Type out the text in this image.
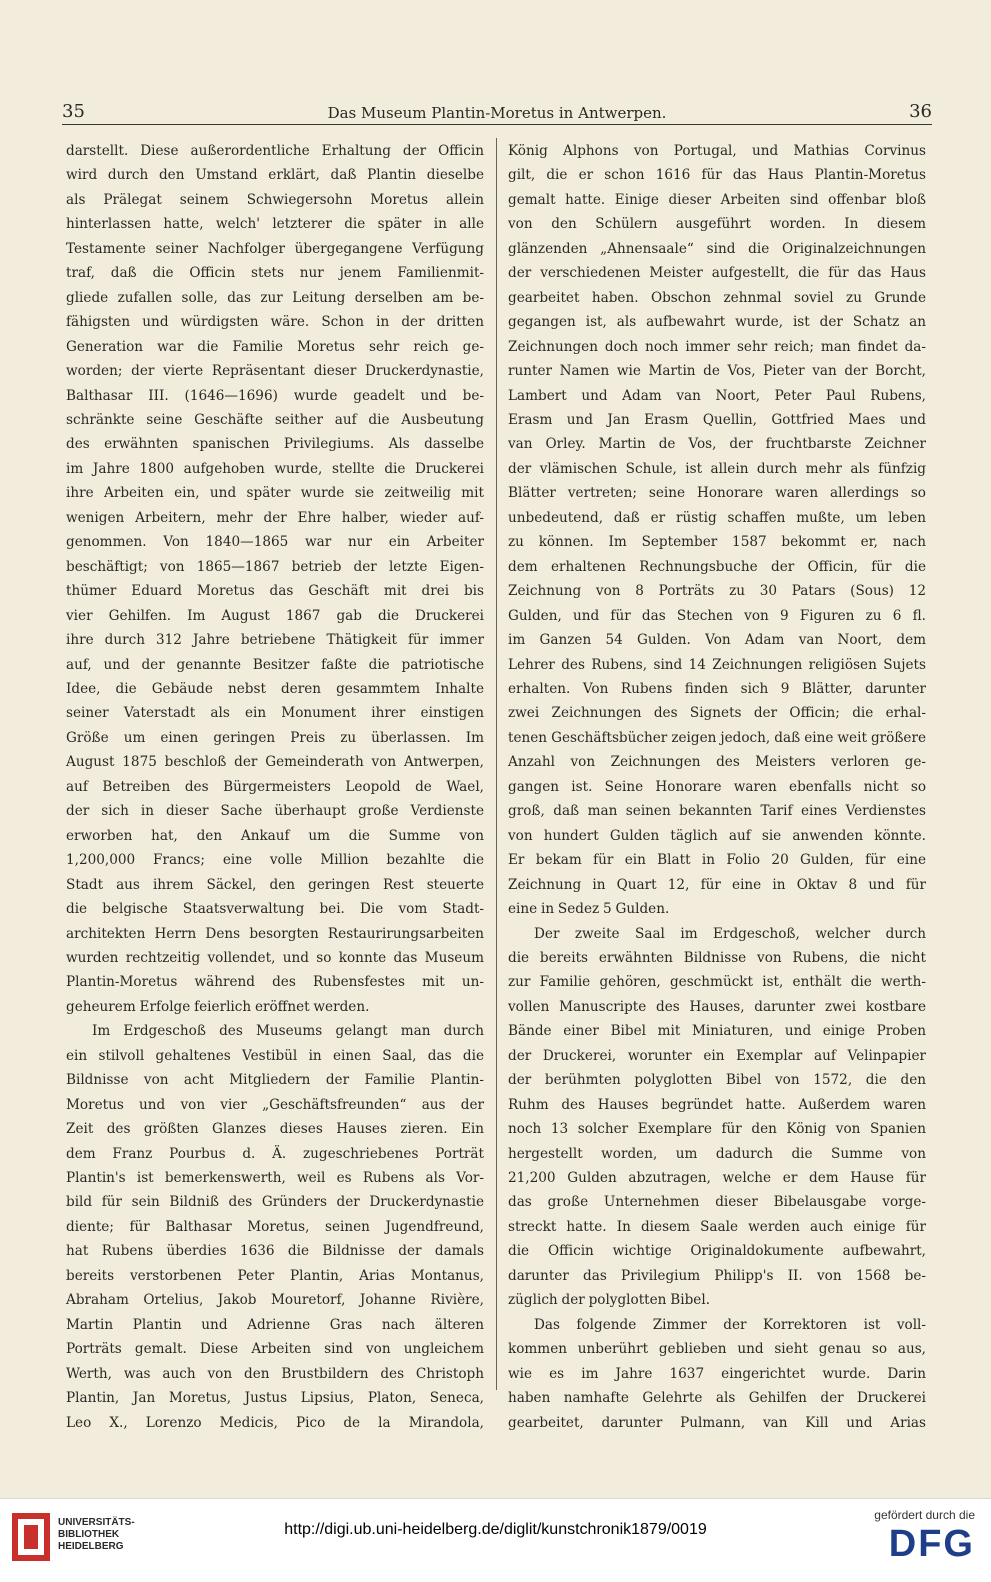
35	Das Museum Plantin-Moretus in Antwerpen.	36

darstellt. Diese außerordentliche Erhaltung der Officin

wird durch den Umstand erklärt, daß Plantin dieselbe

als Prälegat seinem Schwiegersohn Moretus allein

hinterlassen hatte, welch' letzterer die später in alle

Testamente seiner Nachfolger übergegangene Verfügung

traf, daß die Officin stets nur jenem Familienmit-

gliede zufallen solle, das zur Leitung derselben am be-

fähigsten und würdigsten wäre. Schon in der dritten

Generation war die Familie Moretus sehr reich ge-

worden; der vierte Repräsentant dieser Druckerdynastie,

Balthasar III. (1646—1696) wurde geadelt und be-

schränkte seine Geschäfte seither auf die Ausbeutung

des erwähnten spanischen Privilegiums. Als dasselbe

im Jahre 1800 aufgehoben wurde, stellte die Druckerei

ihre Arbeiten ein, und später wurde sie zeitweilig mit

wenigen Arbeitern, mehr der Ehre halber, wieder auf-

genommen. Von 1840—1865 war nur ein Arbeiter

beschäftigt; von 1865—1867 betrieb der letzte Eigen-

thümer Eduard Moretus das Geschäft mit drei bis

vier Gehilfen. Im August 1867 gab die Druckerei

ihre durch 312 Jahre betriebene Thätigkeit für immer

auf, und der genannte Besitzer faßte die patriotische

Idee, die Gebäude nebst deren gesammtem Inhalte

seiner Vaterstadt als ein Monument ihrer einstigen

Größe um einen geringen Preis zu überlassen. Im

August 1875 beschloß der Gemeinderath von Antwerpen,

auf Betreiben des Bürgermeisters Leopold de Wael,

der sich in dieser Sache überhaupt große Verdienste

erworben hat, den Ankauf um die Summe von

1,200,000 Francs; eine volle Million bezahlte die

Stadt aus ihrem Säckel, den geringen Rest steuerte

die belgische Staatsverwaltung bei. Die vom Stadt-

architekten Herrn Dens besorgten Restaurirungsarbeiten

wurden rechtzeitig vollendet, und so konnte das Museum

Plantin-Moretus während des Rubensfestes mit un-

geheurem Erfolge feierlich eröffnet werden.

Im Erdgeschoß des Museums gelangt man durch

ein stilvoll gehaltenes Vestibül in einen Saal, das die

Bildnisse von acht Mitgliedern der Familie Plantin-

Moretus und von vier „Geschäftsfreunden“ aus der

Zeit des größten Glanzes dieses Hauses zieren. Ein

dem Franz Pourbus d. Ä. zugeschriebenes Porträt

Plantin's ist bemerkenswerth, weil es Rubens als Vor-

bild für sein Bildniß des Gründers der Druckerdynastie

diente; für Balthasar Moretus, seinen Jugendfreund,

hat Rubens überdies 1636 die Bildnisse der damals

bereits verstorbenen Peter Plantin, Arias Montanus,

Abraham Ortelius, Jakob Mouretorf, Johanne Rivière,

Martin Plantin und Adrienne Gras nach älteren

Porträts gemalt. Diese Arbeiten sind von ungleichem

Werth, was auch von den Brustbildern des Christoph

Plantin, Jan Moretus, Justus Lipsius, Platon, Seneca,

Leo X., Lorenzo Medicis, Pico de la Mirandola,

König Alphons von Portugal, und Mathias Corvinus

gilt, die er schon 1616 für das Haus Plantin-Moretus

gemalt hatte. Einige dieser Arbeiten sind offenbar bloß

von den Schülern ausgeführt worden. In diesem

glänzenden „Ahnensaale“ sind die Originalzeichnungen

der verschiedenen Meister aufgestellt, die für das Haus

gearbeitet haben. Obschon zehnmal soviel zu Grunde

gegangen ist, als aufbewahrt wurde, ist der Schatz an

Zeichnungen doch noch immer sehr reich; man findet da-

runter Namen wie Martin de Vos, Pieter van der Borcht,

Lambert und Adam van Noort, Peter Paul Rubens,

Erasm und Jan Erasm Quellin, Gottfried Maes und

van Orley. Martin de Vos, der fruchtbarste Zeichner

der vlämischen Schule, ist allein durch mehr als fünfzig

Blätter vertreten; seine Honorare waren allerdings so

unbedeutend, daß er rüstig schaffen mußte, um leben

zu können. Im September 1587 bekommt er, nach

dem erhaltenen Rechnungsbuche der Officin, für die

Zeichnung von 8 Porträts zu 30 Patars (Sous) 12

Gulden, und für das Stechen von 9 Figuren zu 6 fl.

im Ganzen 54 Gulden. Von Adam van Noort, dem

Lehrer des Rubens, sind 14 Zeichnungen religiösen Sujets

erhalten. Von Rubens finden sich 9 Blätter, darunter

zwei Zeichnungen des Signets der Officin; die erhal-

tenen Geschäftsbücher zeigen jedoch, daß eine weit größere

Anzahl von Zeichnungen des Meisters verloren ge-

gangen ist. Seine Honorare waren ebenfalls nicht so

groß, daß man seinen bekannten Tarif eines Verdienstes

von hundert Gulden täglich auf sie anwenden könnte.

Er bekam für ein Blatt in Folio 20 Gulden, für eine

Zeichnung in Quart 12, für eine in Oktav 8 und für

eine in Sedez 5 Gulden.

Der zweite Saal im Erdgeschoß, welcher durch

die bereits erwähnten Bildnisse von Rubens, die nicht

zur Familie gehören, geschmückt ist, enthält die werth-

vollen Manuscripte des Hauses, darunter zwei kostbare

Bände einer Bibel mit Miniaturen, und einige Proben

der Druckerei, worunter ein Exemplar auf Velinpapier

der berühmten polyglotten Bibel von 1572, die den

Ruhm des Hauses begründet hatte. Außerdem waren

noch 13 solcher Exemplare für den König von Spanien

hergestellt worden, um dadurch die Summe von

21,200 Gulden abzutragen, welche er dem Hause für

das große Unternehmen dieser Bibelausgabe vorge-

streckt hatte. In diesem Saale werden auch einige für

die Officin wichtige Originaldokumente aufbewahrt,

darunter das Privilegium Philipp's II. von 1568 be-

züglich der polyglotten Bibel.

Das folgende Zimmer der Korrektoren ist voll-

kommen unberührt geblieben und sieht genau so aus,

wie es im Jahre 1637 eingerichtet wurde. Darin

haben namhafte Gelehrte als Gehilfen der Druckerei

gearbeitet, darunter Pulmann, van Kill und Arias

UNIVERSITÄTS-
BIBLIOTHEK
HEIDELBERG
http://digi.ub.uni-heidelberg.de/diglit/kunstchronik1879/0019
gefördert durch die
DFG
